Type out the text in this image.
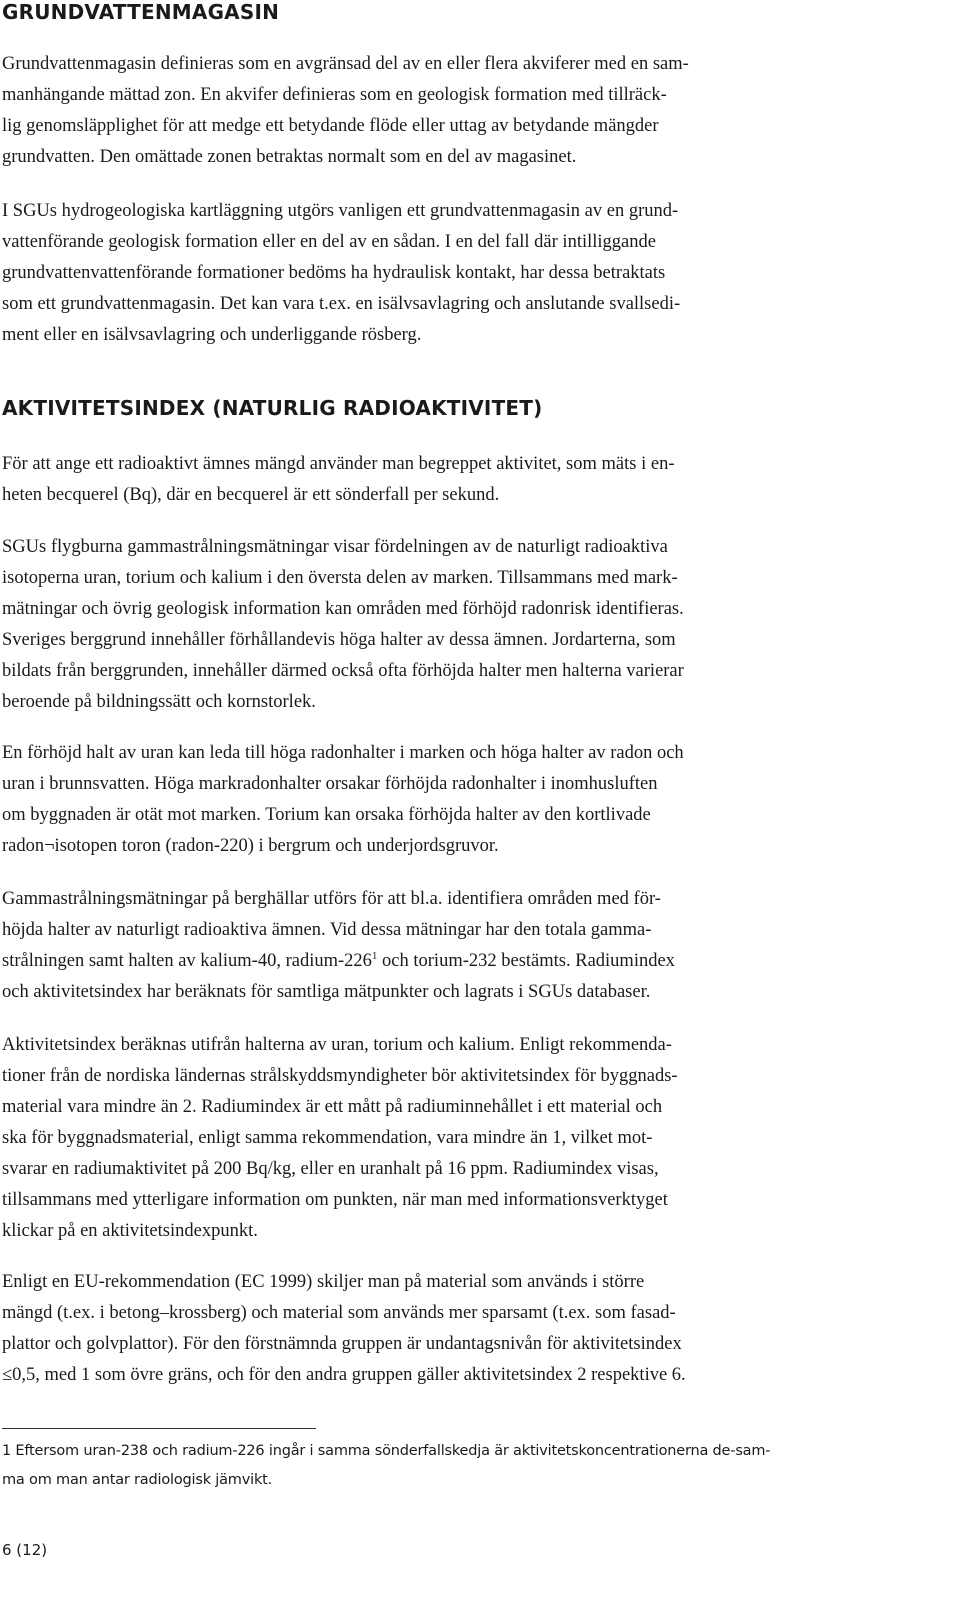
GRUNDVATTENMAGASIN
Grundvattenmagasin definieras som en avgränsad del av en eller flera akviferer med en sam-
manhängande mättad zon. En akvifer definieras som en geologisk formation med tillräck-
lig genomsläpplighet för att medge ett betydande flöde eller uttag av betydande mängder
grundvatten. Den omättade zonen betraktas normalt som en del av magasinet.
I SGUs hydrogeologiska kartläggning utgörs vanligen ett grundvattenmagasin av en grund-
vattenförande geologisk formation eller en del av en sådan. I en del fall där intilliggande
grundvattenvattenförande formationer bedöms ha hydraulisk kontakt, har dessa betraktats
som ett grundvattenmagasin. Det kan vara t.ex. en isälvsavlagring och anslutande svallsedi-
ment eller en isälvsavlagring och underliggande rösberg.
AKTIVITETSINDEX (NATURLIG RADIOAKTIVITET)
För att ange ett radioaktivt ämnes mängd använder man begreppet aktivitet, som mäts i en-
heten becquerel (Bq), där en becquerel är ett sönderfall per sekund.
SGUs flygburna gammastrålningsmätningar visar fördelningen av de naturligt radioaktiva
isotoperna uran, torium och kalium i den översta delen av marken. Tillsammans med mark-
mätningar och övrig geologisk information kan områden med förhöjd radonrisk identifieras.
Sveriges berggrund innehåller förhållandevis höga halter av dessa ämnen. Jordarterna, som
bildats från berggrunden, innehåller därmed också ofta förhöjda halter men halterna varierar
beroende på bildningssätt och kornstorlek.
En förhöjd halt av uran kan leda till höga radonhalter i marken och höga halter av radon och
uran i brunnsvatten. Höga markradonhalter orsakar förhöjda radonhalter i inomhusluften
om byggnaden är otät mot marken. Torium kan orsaka förhöjda halter av den kortlivade
radon¬isotopen toron (radon-220) i bergrum och underjordsgruvor.
Gammastrålningsmätningar på berghällar utförs för att bl.a. identifiera områden med för-
höjda halter av naturligt radioaktiva ämnen. Vid dessa mätningar har den totala gamma-
strålningen samt halten av kalium-40, radium-$226^1$ och torium-232 bestämts. Radiumindex
och aktivitetsindex har beräknats för samtliga mätpunkter och lagrats i SGUs databaser.
Aktivitetsindex beräknas utifrån halterna av uran, torium och kalium. Enligt rekommenda-
tioner från de nordiska ländernas strålskyddsmyndigheter bör aktivitetsindex för byggnads-
material vara mindre än 2. Radiumindex är ett mått på radiuminnehållet i ett material och
ska för byggnadsmaterial, enligt samma rekommendation, vara mindre än 1, vilket mot-
svarar en radiumaktivitet på 200 Bq/kg, eller en uranhalt på 16 ppm. Radiumindex visas,
tillsammans med ytterligare information om punkten, när man med informationsverktyget
klickar på en aktivitetsindexpunkt.
Enligt en EU-rekommendation (EC 1999) skiljer man på material som används i större
mängd (t.ex. i betong–krossberg) och material som används mer sparsamt (t.ex. som fasad-
plattor och golvplattor). För den förstnämnda gruppen är undantagsnivån för aktivitetsindex
≤0,5, med 1 som övre gräns, och för den andra gruppen gäller aktivitetsindex 2 respektive 6.
1 Eftersom uran-238 och radium-226 ingår i samma sönderfallskedja är aktivitetskoncentrationerna de-sam-
ma om man antar radiologisk jämvikt.
6 (12)
